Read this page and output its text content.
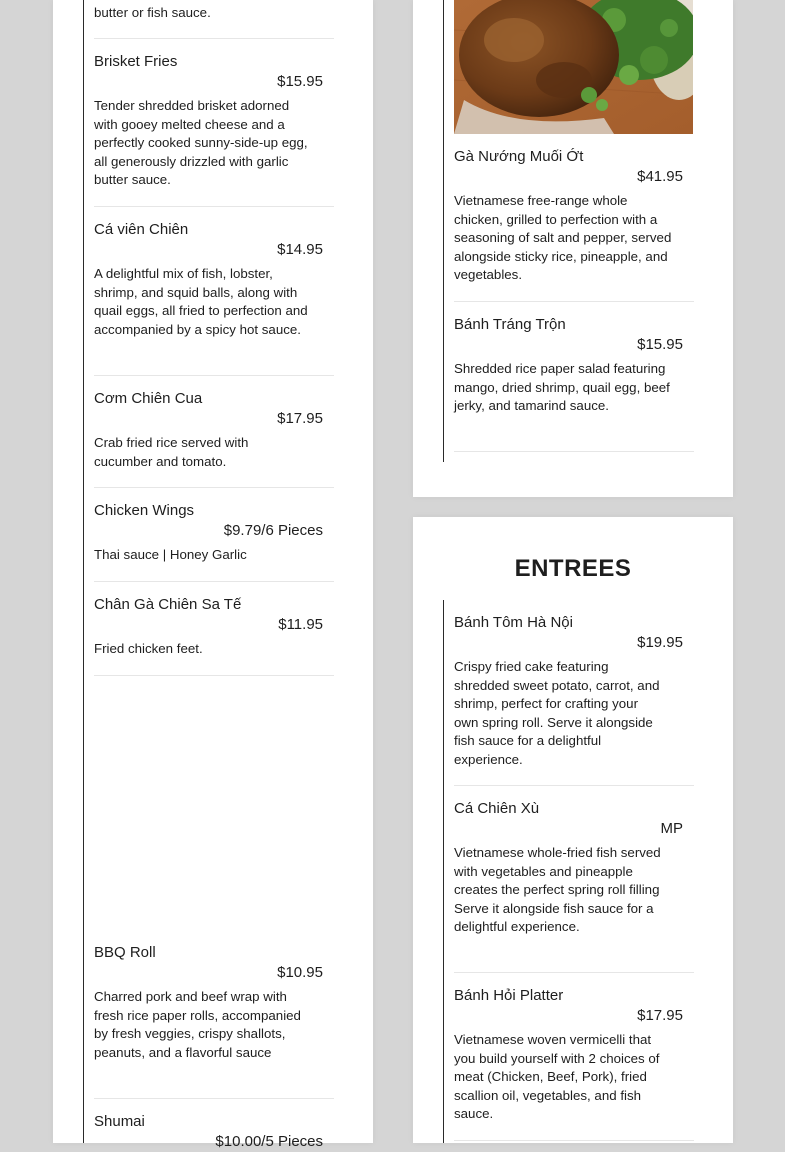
butter or fish sauce.
Brisket Fries
$15.95
Tender shredded brisket adorned with gooey melted cheese and a perfectly cooked sunny-side-up egg, all generously drizzled with garlic butter sauce.
Cá viên Chiên
$14.95
A delightful mix of fish, lobster, shrimp, and squid balls, along with quail eggs, all fried to perfection and accompanied by a spicy hot sauce.
Cơm Chiên Cua
$17.95
Crab fried rice served with cucumber and tomato.
Chicken Wings
$9.79/6 Pieces
Thai sauce | Honey Garlic
Chân Gà Chiên Sa Tế
$11.95
Fried chicken feet.
BBQ Roll
$10.95
Charred pork and beef wrap with fresh rice paper rolls, accompanied by fresh veggies, crispy shallots, peanuts, and a flavorful sauce
Shumai
$10.00/5 Pieces
Gà Nướng Muối Ớt
$41.95
Vietnamese free-range whole chicken, grilled to perfection with a seasoning of salt and pepper, served alongside sticky rice, pineapple, and vegetables.
Bánh Tráng Trộn
$15.95
Shredded rice paper salad featuring mango, dried shrimp, quail egg, beef jerky, and tamarind sauce.
ENTREES
Bánh Tôm Hà Nội
$19.95
Crispy fried cake featuring shredded sweet potato, carrot, and shrimp, perfect for crafting your own spring roll. Serve it alongside fish sauce for a delightful experience.
Cá Chiên Xù
MP
Vietnamese whole-fried fish served with vegetables and pineapple creates the perfect spring roll filling Serve it alongside fish sauce for a delightful experience.
Bánh Hỏi Platter
$17.95
Vietnamese woven vermicelli that you build yourself with 2 choices of meat (Chicken, Beef, Pork), fried scallion oil, vegetables, and fish sauce.
